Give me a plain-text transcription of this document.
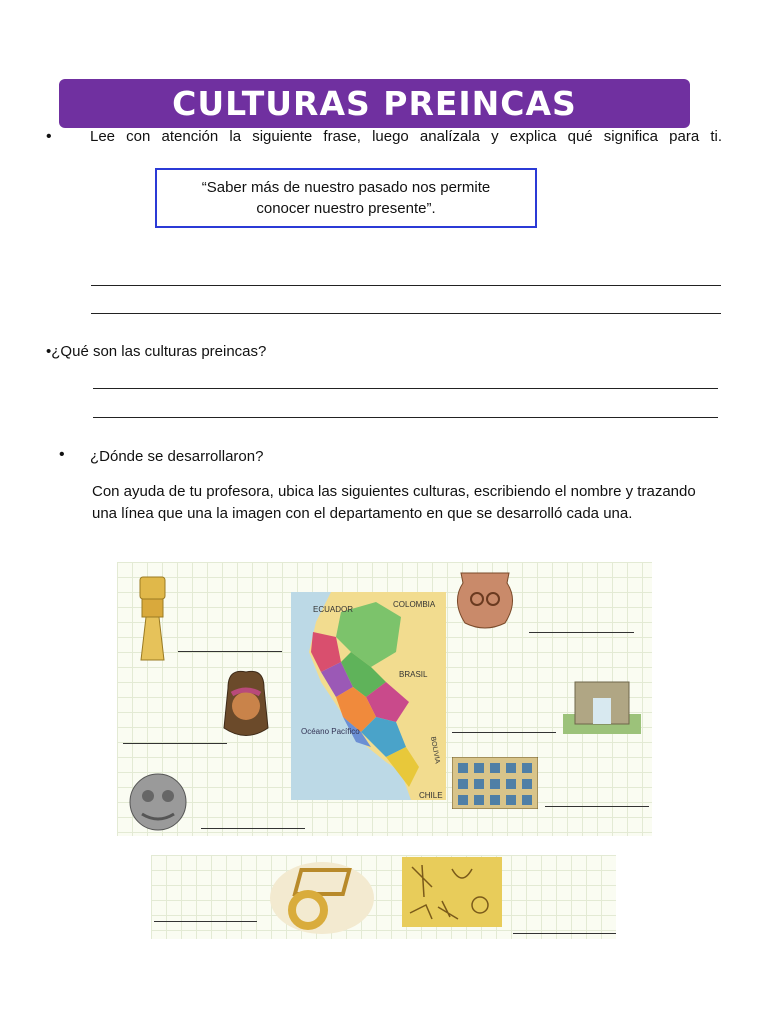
CULTURAS PREINCAS
•	Lee con atención la siguiente frase, luego analízala y explica qué significa para ti.
“Saber más de nuestro pasado nos permite conocer nuestro presente”.
•¿Qué son las culturas preincas?
• ¿Dónde se desarrollaron?
Con ayuda de tu profesora, ubica las siguientes culturas, escribiendo el nombre y trazando una línea que una la imagen con el departamento en que se desarrolló cada una.
ECUADOR
COLOMBIA
BRASIL
Océano Pacífico
BOLIVIA
CHILE
